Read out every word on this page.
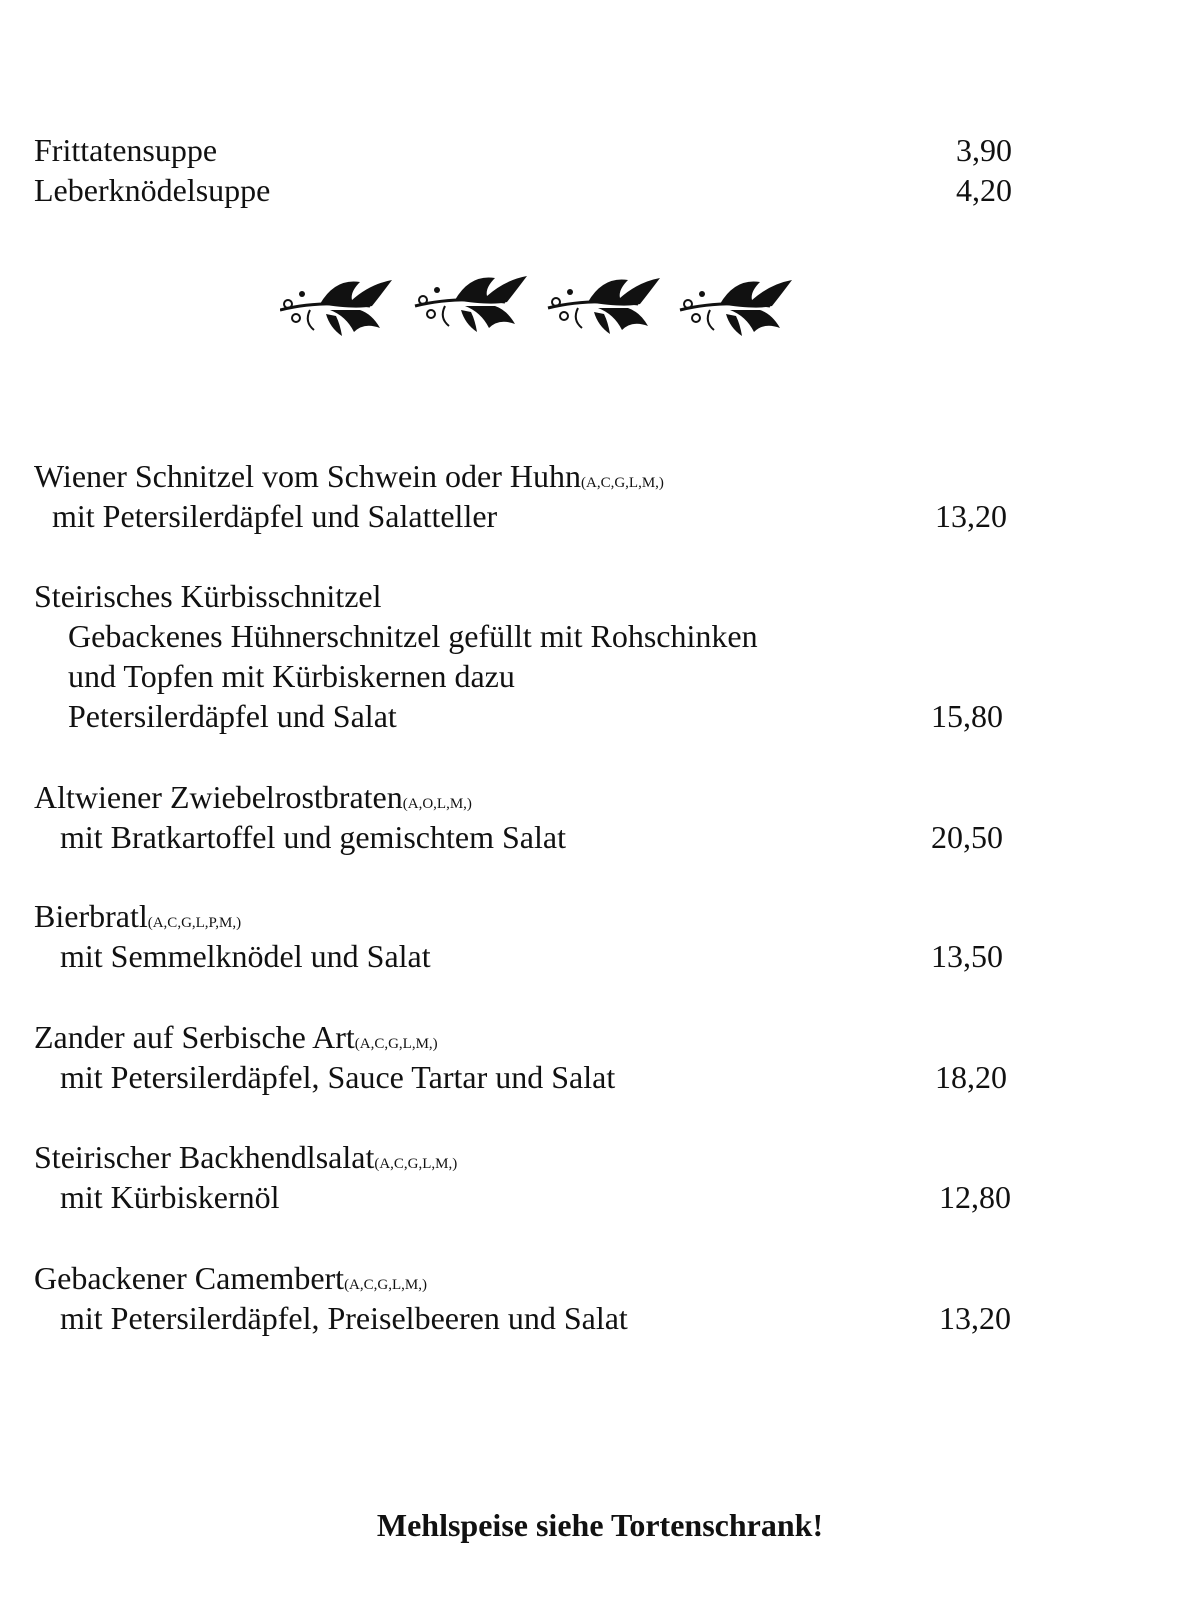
Frittatensuppe	3,90
Leberknödelsuppe	4,20
Wiener Schnitzel vom Schwein oder Huhn(A,C,G,L,M,)
mit Petersilerdäpfel und Salatteller	13,20
Steirisches Kürbisschnitzel
Gebackenes Hühnerschnitzel gefüllt mit Rohschinken
und Topfen mit Kürbiskernen dazu
Petersilerdäpfel und Salat	15,80
Altwiener Zwiebelrostbraten(A,O,L,M,)
mit Bratkartoffel und gemischtem Salat	20,50
Bierbratl(A,C,G,L,P,M,)
mit Semmelknödel und Salat	13,50
Zander auf Serbische Art(A,C,G,L,M,)
mit Petersilerdäpfel, Sauce Tartar und Salat	18,20
Steirischer Backhendlsalat(A,C,G,L,M,)
mit Kürbiskernöl	12,80
Gebackener Camembert(A,C,G,L,M,)
mit Petersilerdäpfel, Preiselbeeren und Salat	13,20
Mehlspeise siehe Tortenschrank!
